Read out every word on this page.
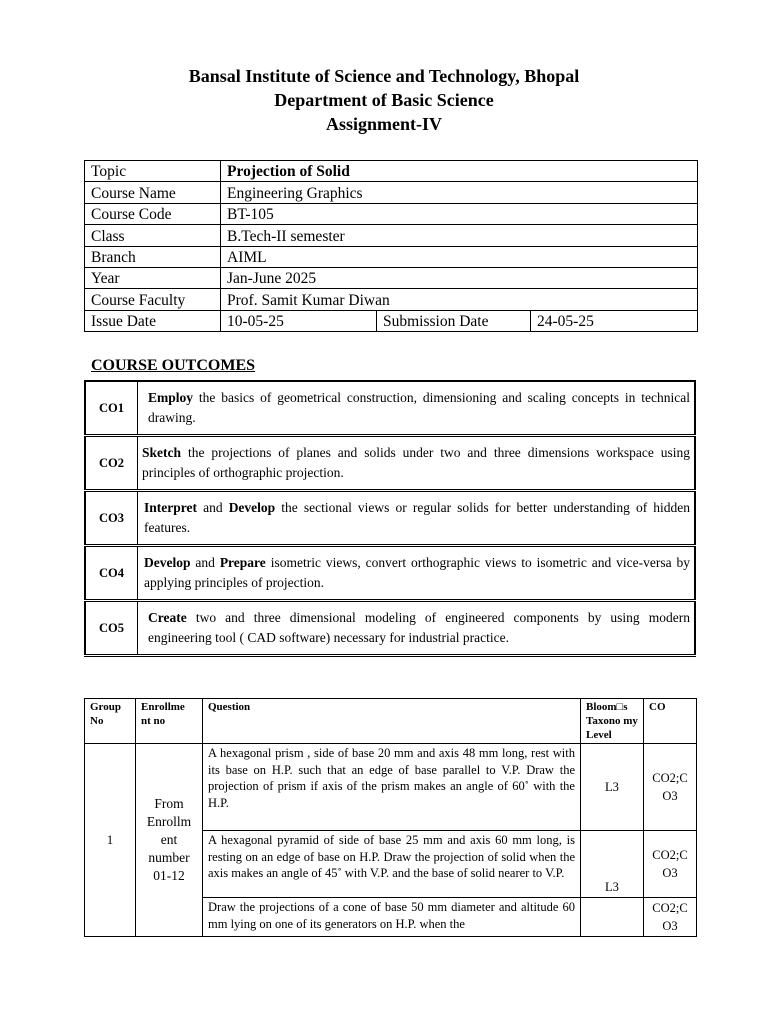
Bansal Institute of Science and Technology, Bhopal
Department of Basic Science
Assignment-IV
Topic	Projection of Solid		
Course Name	Engineering Graphics		
Course Code	BT-105		
Class	B.Tech-II semester		
Branch	AIML		
Year	Jan-June 2025		
Course Faculty	Prof. Samit Kumar Diwan		
Issue Date	10-05-25	Submission Date	24-05-25
COURSE OUTCOMES
CO1	Employ the basics of geometrical construction, dimensioning and scaling concepts in technical drawing.
CO2	Sketch the projections of planes and solids under two and three dimensions workspace using principles of orthographic projection.
CO3	Interpret and Develop the sectional views or regular solids for better understanding of hidden features.
CO4	Develop and Prepare isometric views, convert orthographic views to isometric and vice-versa by applying principles of projection.
CO5	Create two and three dimensional modeling of engineered components by using modern engineering tool ( CAD software) necessary for industrial practice.
Group No	Enrollme nt no	Question	Bloom□s Taxono my Level	CO
1	From Enrollm ent number 01-12	A hexagonal prism , side of base 20 mm and axis 48 mm long, rest with its base on H.P. such that an edge of base parallel to V.P. Draw the projection of prism if axis of the prism makes an angle of 60˚ with the H.P.	L3	CO2;CO3
		A hexagonal pyramid of side of base 25 mm and axis 60 mm long, is resting on an edge of base on H.P. Draw the projection of solid when the axis makes an angle of 45˚ with V.P. and the base of solid nearer to V.P.	L3	CO2;CO3
		Draw the projections of a cone of base 50 mm diameter and altitude 60 mm lying on one of its generators on H.P. when the		CO2;CO3
